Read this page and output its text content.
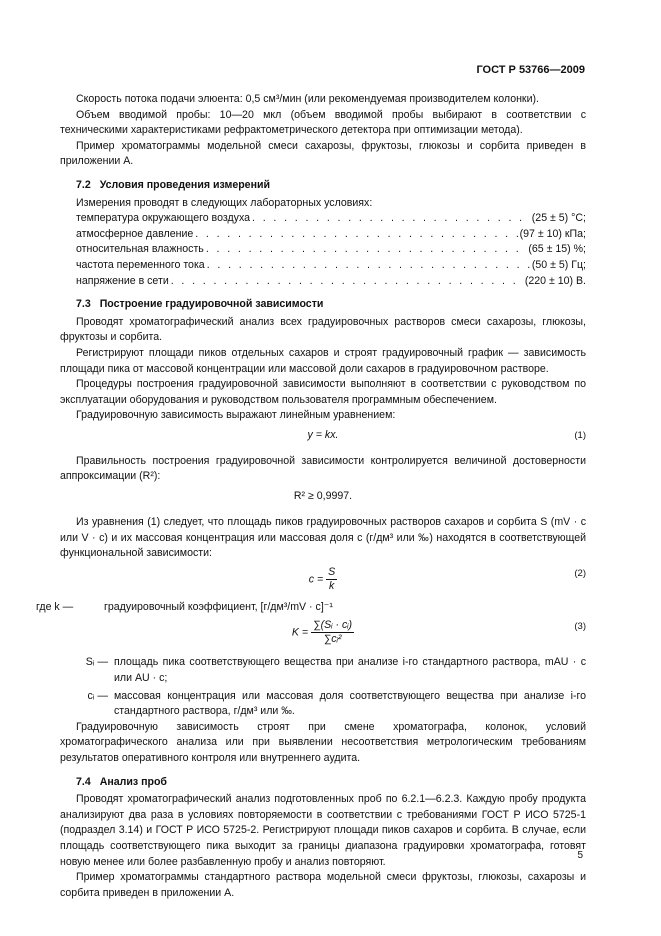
ГОСТ Р 53766—2009

Скорость потока подачи элюента: 0,5 см³/мин (или рекомендуемая производителем колонки).

Объем вводимой пробы: 10—20 мкл (объем вводимой пробы выбирают в соответствии с техническими характеристиками рефрактометрического детектора при оптимизации метода).

Пример хроматограммы модельной смеси сахарозы, фруктозы, глюкозы и сорбита приведен в приложении А.

7.2 Условия проведения измерений

Измерения проводят в следующих лабораторных условиях:

температура окружающего воздуха . . .	(25 ± 5) °C;
атмосферное давление . . .	(97 ± 10) кПа;
относительная влажность . . .	(65 ± 15) %;
частота переменного тока . . .	(50 ± 5) Гц;
напряжение в сети . . .	(220 ± 10) В.
7.3 Построение градуировочной зависимости

Проводят хроматографический анализ всех градуировочных растворов смеси сахарозы, глюкозы, фруктозы и сорбита.

Регистрируют площади пиков отдельных сахаров и строят градуировочный график — зависимость площади пика от массовой концентрации или массовой доли сахаров в градуировочном растворе.

Процедуры построения градуировочной зависимости выполняют в соответствии с руководством по эксплуатации оборудования и руководством пользователя программным обеспечением.

Градуировочную зависимость выражают линейным уравнением:

y = kx.	(1)

Правильность построения градуировочной зависимости контролируется величиной достоверности аппроксимации (R²):

R² ≥ 0,9997.

Из уравнения (1) следует, что площадь пиков градуировочных растворов сахаров и сорбита S (mV · c или V · c) и их массовая концентрация или массовая доля c (г/дм³ или ‰) находятся в соответствующей функциональной зависимости:

$c = \frac{S}{k}$	(2)
где k —	градуировочный коэффициент, [г/дм³/mV · c]⁻¹
$K = \frac{\text{∑(Sᵢ · cᵢ)}}{\text{∑cᵢ²}}$	(3)
Sᵢ — площадь пика соответствующего вещества при анализе i-го стандартного раствора, mAU · c или AU · c;
cᵢ — массовая концентрация или массовая доля соответствующего вещества при анализе i-го стандартного раствора, г/дм³ или ‰.

Градуировочную зависимость строят при смене хроматографа, колонок, условий хроматографического анализа или при выявлении несоответствия метрологическим требованиям результатов оперативного контроля или внутреннего аудита.

7.4 Анализ проб

Проводят хроматографический анализ подготовленных проб по 6.2.1—6.2.3. Каждую пробу продукта анализируют два раза в условиях повторяемости в соответствии с требованиями ГОСТ Р ИСО 5725-1 (подраздел 3.14) и ГОСТ Р ИСО 5725-2. Регистрируют площади пиков сахаров и сорбита. В случае, если площадь соответствующего пика выходит за границы диапазона градуировки хроматографа, готовят новую менее или более разбавленную пробу и анализ повторяют.

Пример хроматограммы стандартного раствора модельной смеси фруктозы, глюкозы, сахарозы и сорбита приведен в приложении А.

5
